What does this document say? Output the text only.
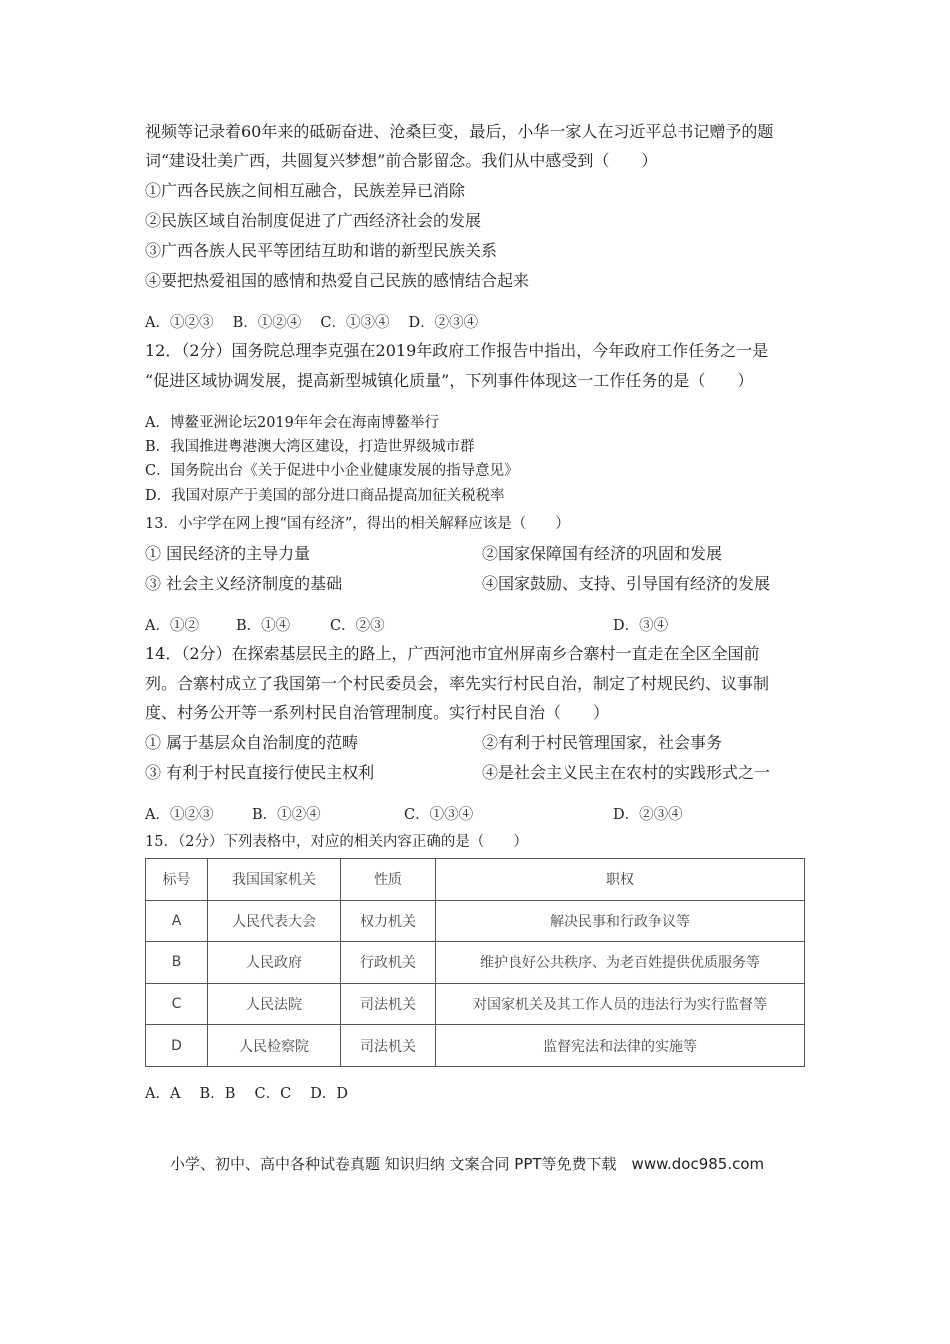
视频等记录着60年来的砥砺奋进、沧桑巨变，最后，小华一家人在习近平总书记赠予的题
词“建设壮美广西，共圆复兴梦想”前合影留念。我们从中感受到（　　）
①广西各民族之间相互融合，民族差异已消除
②民族区域自治制度促进了广西经济社会的发展
③广西各族人民平等团结互助和谐的新型民族关系
④要把热爱祖国的感情和热爱自己民族的感情结合起来
A．①②③　 B．①②④　 C．①③④　 D．②③④
12．（2分）国务院总理李克强在2019年政府工作报告中指出，今年政府工作任务之一是
“促进区域协调发展，提高新型城镇化质量”，下列事件体现这一工作任务的是（　　）
A．博鳌亚洲论坛2019年年会在海南博鳌举行
B．我国推进粤港澳大湾区建设，打造世界级城市群
C．国务院出台《关于促进中小企业健康发展的指导意见》
D．我国对原产于美国的部分进口商品提高加征关税税率
13．小宇学在网上搜“国有经济”，得出的相关解释应该是（　　）
① 国民经济的主导力量	②国家保障国有经济的巩固和发展
③ 社会主义经济制度的基础	④国家鼓励、支持、引导国有经济的发展
A．①②	B．①④	C．②③	D．③④
14．（2分）在探索基层民主的路上，广西河池市宜州屏南乡合寨村一直走在全区全国前
列。合寨村成立了我国第一个村民委员会，率先实行村民自治，制定了村规民约、议事制
度、村务公开等一系列村民自治管理制度。实行村民自治（　　）
① 属于基层众自治制度的范畴	②有利于村民管理国家，社会事务
③ 有利于村民直接行使民主权利	④是社会主义民主在农村的实践形式之一
A．①②③	B．①②④	C．①③④	D．②③④
15．（2分）下列表格中，对应的相关内容正确的是（　　）
标号	我国国家机关	性质	职权
A	人民代表大会	权力机关	解决民事和行政争议等
B	人民政府	行政机关	维护良好公共秩序、为老百姓提供优质服务等
C	人民法院	司法机关	对国家机关及其工作人员的违法行为实行监督等
D	人民检察院	司法机关	监督宪法和法律的实施等
A．A　 B．B　 C．C　 D．D
小学、初中、高中各种试卷真题 知识归纳 文案合同 PPT等免费下载　www.doc985.com
